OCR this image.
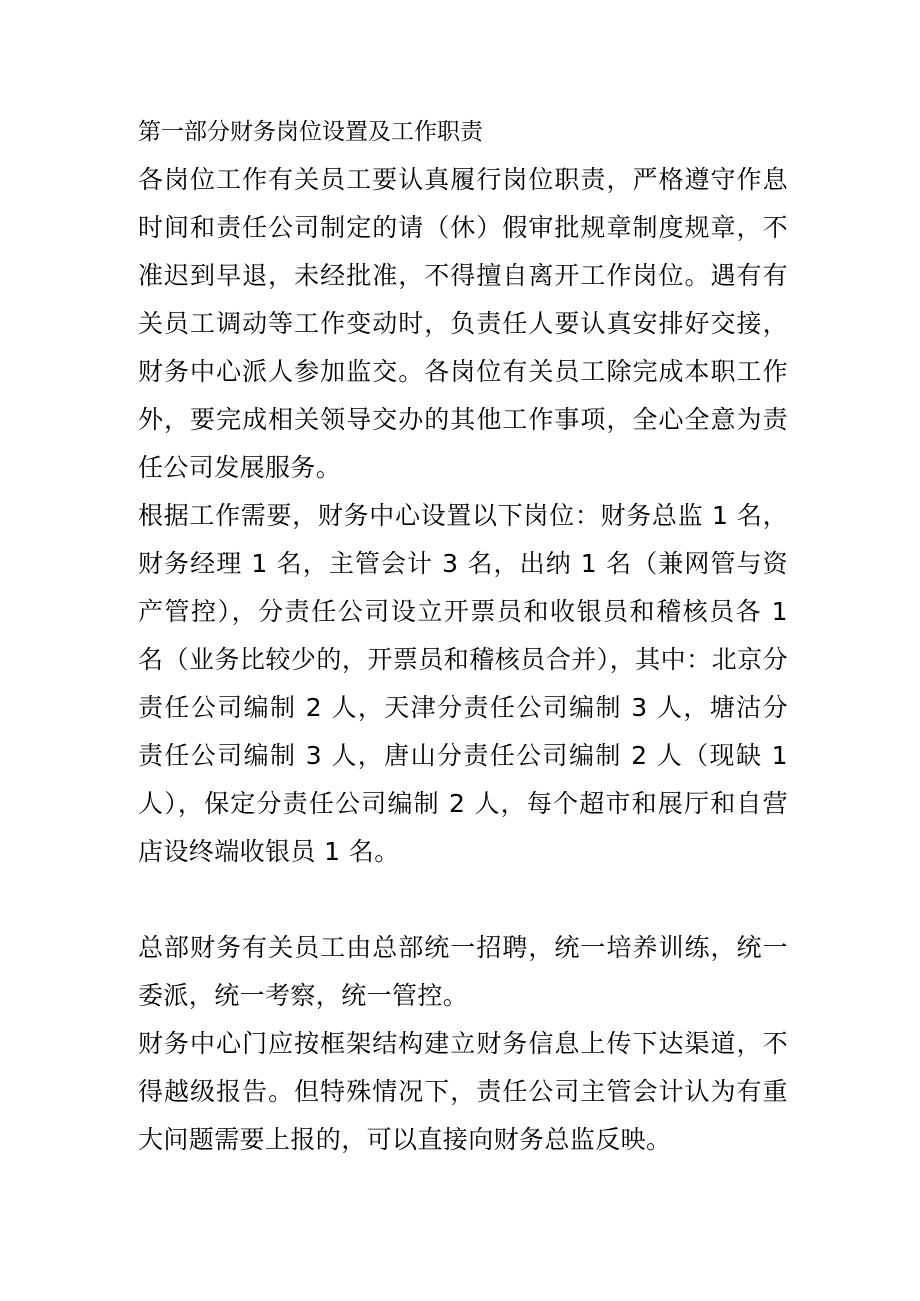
第一部分财务岗位设置及工作职责

各岗位工作有关员工要认真履行岗位职责，严格遵守作息时间和责任公司制定的请（休）假审批规章制度规章，不准迟到早退，未经批准，不得擅自离开工作岗位。遇有有关员工调动等工作变动时，负责任人要认真安排好交接，财务中心派人参加监交。各岗位有关员工除完成本职工作外，要完成相关领导交办的其他工作事项，全心全意为责任公司发展服务。

根据工作需要，财务中心设置以下岗位：财务总监 1 名，财务经理 1 名，主管会计 3 名，出纳 1 名（兼网管与资产管控），分责任公司设立开票员和收银员和稽核员各 1 名（业务比较少的，开票员和稽核员合并），其中：北京分责任公司编制 2 人，天津分责任公司编制 3 人，塘沽分责任公司编制 3 人，唐山分责任公司编制 2 人（现缺 1 人），保定分责任公司编制 2 人，每个超市和展厅和自营店设终端收银员 1 名。

总部财务有关员工由总部统一招聘，统一培养训练，统一委派，统一考察，统一管控。

财务中心门应按框架结构建立财务信息上传下达渠道，不得越级报告。但特殊情况下，责任公司主管会计认为有重大问题需要上报的，可以直接向财务总监反映。
